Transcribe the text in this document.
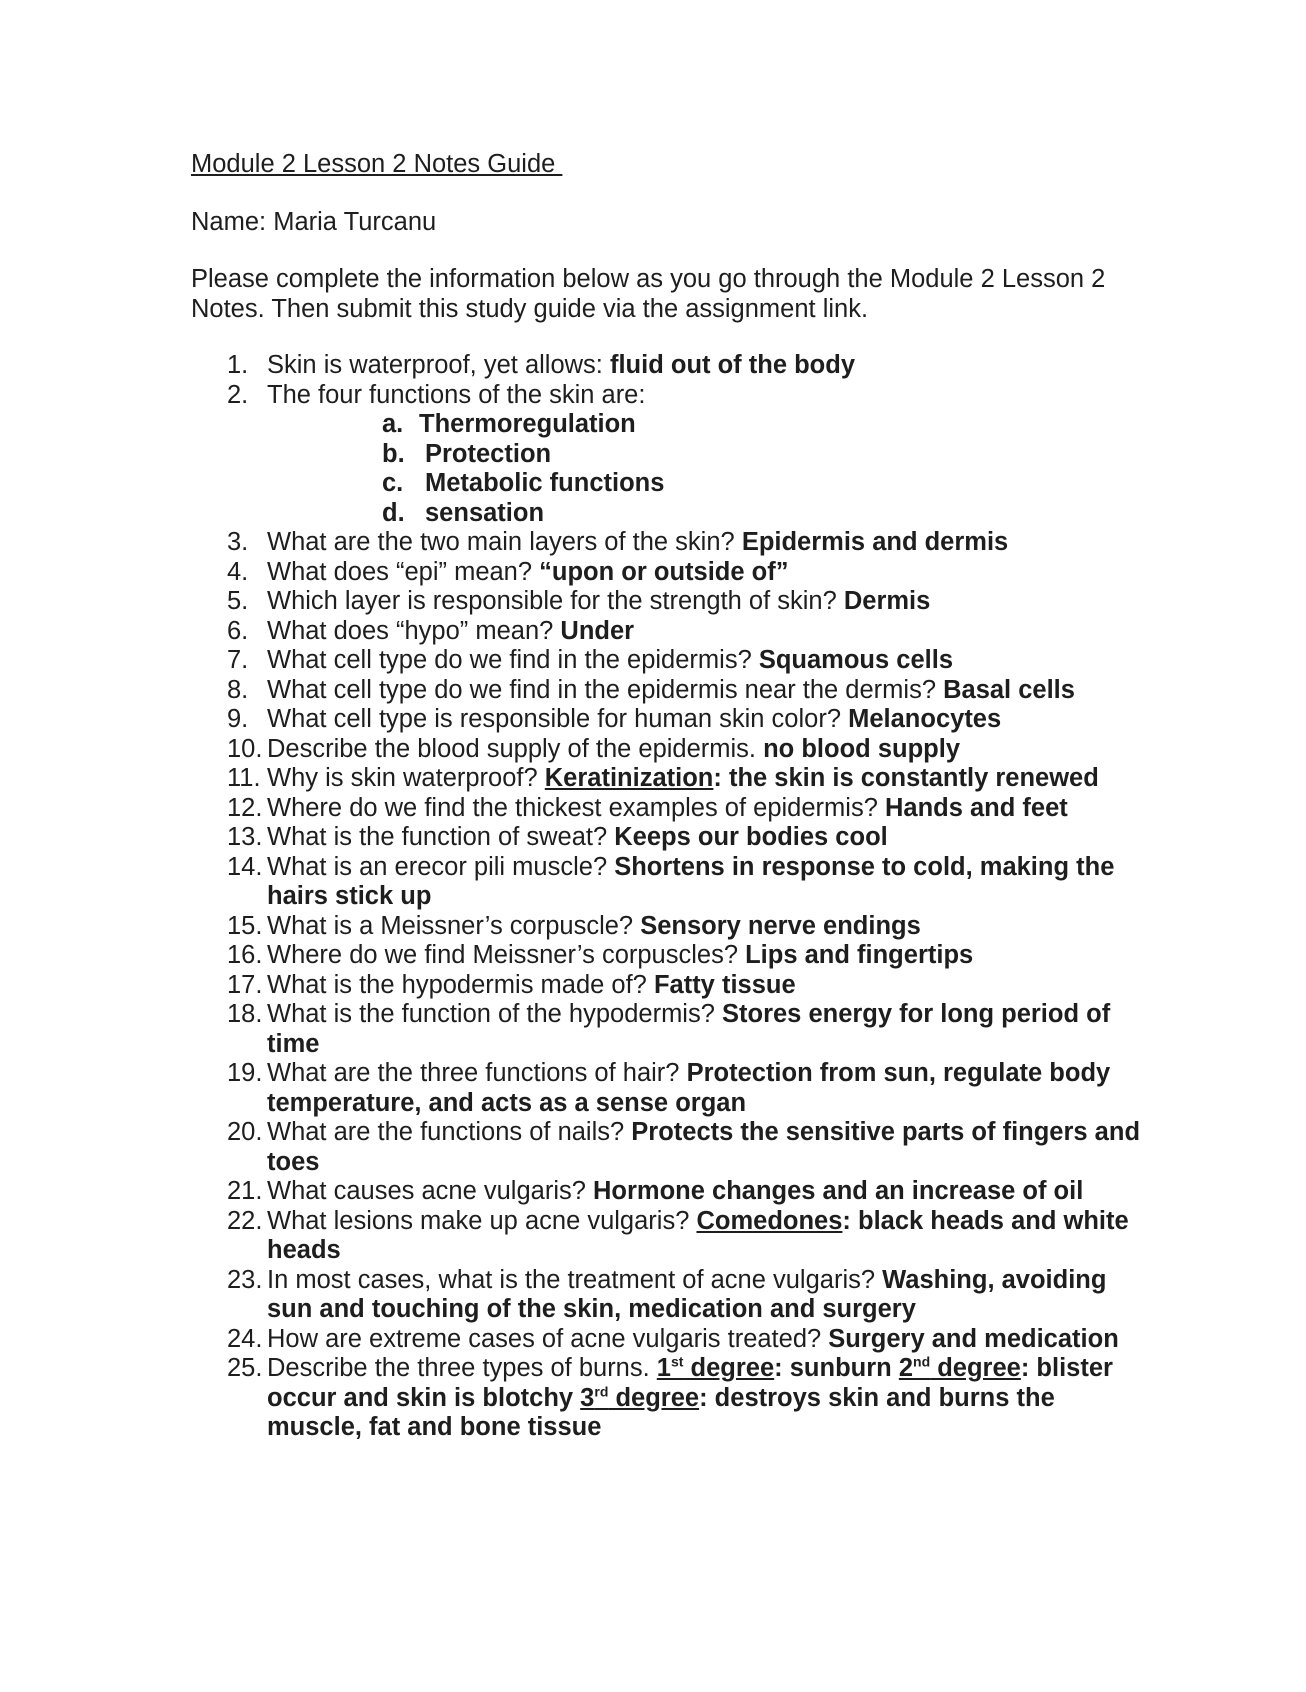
Module 2 Lesson 2 Notes Guide
Name: Maria Turcanu
Please complete the information below as you go through the Module 2 Lesson 2 Notes. Then submit this study guide via the assignment link.
1. Skin is waterproof, yet allows: fluid out of the body
2. The four functions of the skin are:
a. Thermoregulation
b. Protection
c. Metabolic functions
d. sensation
3. What are the two main layers of the skin? Epidermis and dermis
4. What does “epi” mean? “upon or outside of”
5. Which layer is responsible for the strength of skin? Dermis
6. What does “hypo” mean? Under
7. What cell type do we find in the epidermis? Squamous cells
8. What cell type do we find in the epidermis near the dermis? Basal cells
9. What cell type is responsible for human skin color? Melanocytes
10. Describe the blood supply of the epidermis. no blood supply
11. Why is skin waterproof? Keratinization: the skin is constantly renewed
12. Where do we find the thickest examples of epidermis? Hands and feet
13. What is the function of sweat? Keeps our bodies cool
14. What is an erecor pili muscle? Shortens in response to cold, making the hairs stick up
15. What is a Meissner’s corpuscle? Sensory nerve endings
16. Where do we find Meissner’s corpuscles? Lips and fingertips
17. What is the hypodermis made of? Fatty tissue
18. What is the function of the hypodermis? Stores energy for long period of time
19. What are the three functions of hair? Protection from sun, regulate body temperature, and acts as a sense organ
20. What are the functions of nails? Protects the sensitive parts of fingers and toes
21. What causes acne vulgaris? Hormone changes and an increase of oil
22. What lesions make up acne vulgaris? Comedones: black heads and white heads
23. In most cases, what is the treatment of acne vulgaris? Washing, avoiding sun and touching of the skin, medication and surgery
24. How are extreme cases of acne vulgaris treated? Surgery and medication
25. Describe the three types of burns. 1st degree: sunburn 2nd degree: blister occur and skin is blotchy 3rd degree: destroys skin and burns the muscle, fat and bone tissue
